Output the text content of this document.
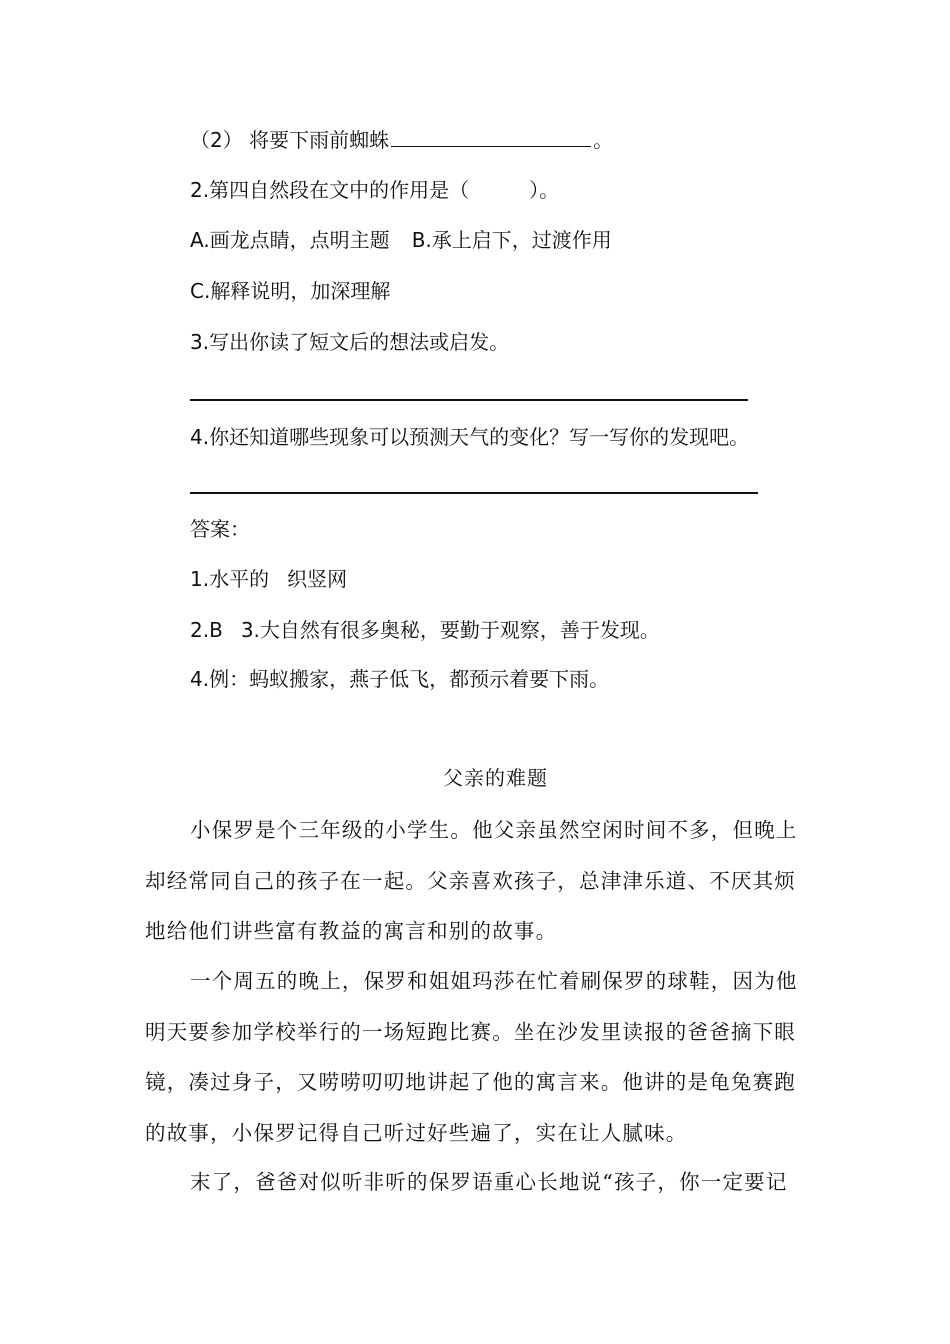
（2） 将要下雨前蜘蛛	。
2.第四自然段在文中的作用是（	）。
A.画龙点睛，点明主题 B.承上启下，过渡作用
C.解释说明，加深理解
3.写出你读了短文后的想法或启发。
4.你还知道哪些现象可以预测天气的变化？写一写你的发现吧。
答案：
1.水平的 织竖网
2.B 3.大自然有很多奥秘，要勤于观察，善于发现。
4.例：蚂蚁搬家，燕子低飞，都预示着要下雨。
父亲的难题
小保罗是个三年级的小学生。他父亲虽然空闲时间不多，但晚上
却经常同自己的孩子在一起。父亲喜欢孩子，总津津乐道、不厌其烦
地给他们讲些富有教益的寓言和别的故事。
一个周五的晚上，保罗和姐姐玛莎在忙着刷保罗的球鞋，因为他
明天要参加学校举行的一场短跑比赛。坐在沙发里读报的爸爸摘下眼
镜，凑过身子，又唠唠叨叨地讲起了他的寓言来。他讲的是龟兔赛跑
的故事，小保罗记得自己听过好些遍了，实在让人腻味。
末了，爸爸对似听非听的保罗语重心长地说“孩子，你一定要记
